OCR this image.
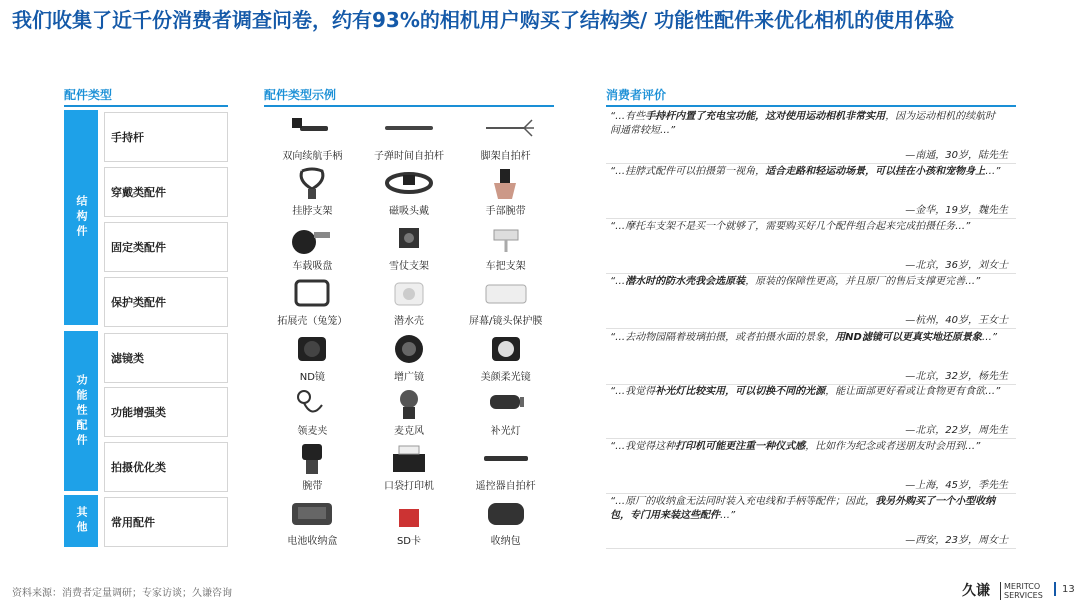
我们收集了近千份消费者调查问卷，约有93%的相机用户购买了结构类/ 功能性配件来优化相机的使用体验
配件类型	配件类型示例	消费者评价
结构件
功能性配件
其他
手持杆
双向续航手柄	子弹时间自拍杆	脚架自拍杆
“…有些手持杆内置了充电宝功能，这对使用运动相机非常实用，因为运动相机的续航时间通常较短…”
—南通，30岁，陆先生
穿戴类配件
挂脖支架	磁吸头戴	手部腕带
“…挂脖式配件可以拍摄第一视角，适合走路和轻运动场景，可以挂在小孩和宠物身上…”
—金华，19岁，魏先生
固定类配件
车载吸盘	雪仗支架	车把支架
“…摩托车支架不是买一个就够了，需要购买好几个配件组合起来完成拍摄任务…”
—北京，36岁，刘女士
保护类配件
拓展壳（兔笼）	潜水壳	屏幕/镜头保护膜
“…潜水时的防水壳我会选原装，原装的保障性更高，并且原厂的售后支撑更完善…”
—杭州，40岁，王女士
滤镜类
ND镜	增广镜	美颜柔光镜
“…去动物园隔着玻璃拍摄，或者拍摄水面的景象，用ND滤镜可以更真实地还原景象…”
—北京，32岁，杨先生
功能增强类
领麦夹	麦克风	补光灯
“…我觉得补光灯比较实用，可以切换不同的光源，能让面部更好看或让食物更有食欲…”
—北京，22岁，周先生
拍摄优化类
腕带	口袋打印机	遥控器自拍杆
“…我觉得这种打印机可能更注重一种仪式感，比如作为纪念或者送朋友时会用到…”
—上海，45岁，季先生
常用配件
电池收纳盒	SD卡	收纳包
“…原厂的收纳盒无法同时装入充电线和手柄等配件；因此，我另外购买了一个小型收纳包，专门用来装这些配件…”
—西安，23岁，周女士
资料来源：消费者定量调研；专家访谈；久谦咨询	久谦 MERITCO
SERVICES
13
